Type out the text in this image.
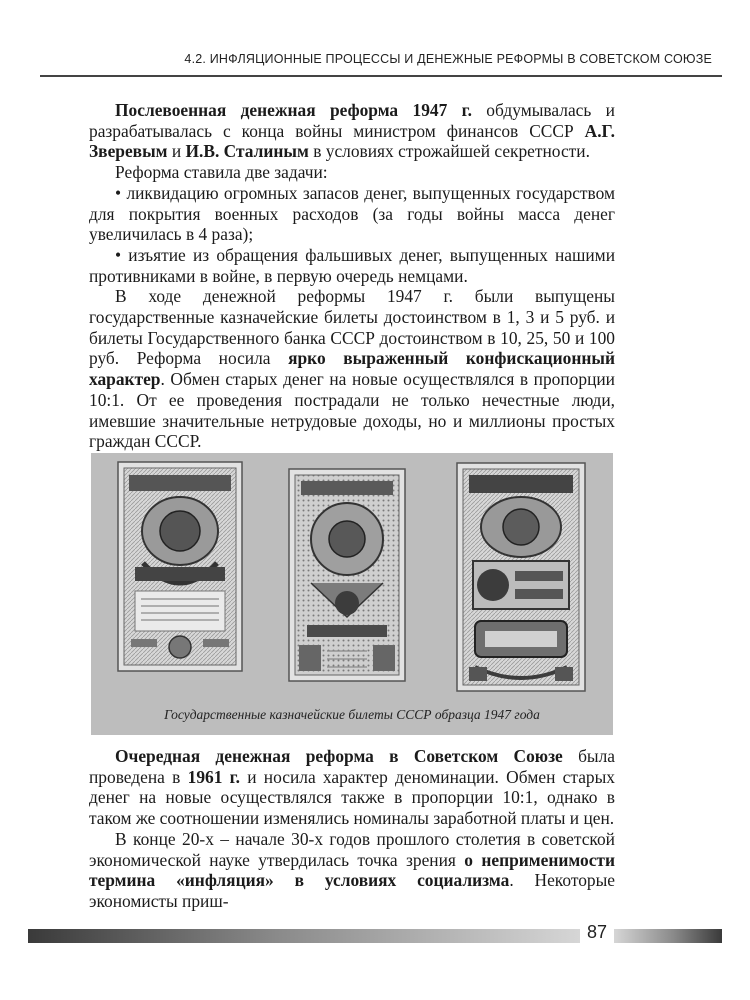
4.2. ИНФЛЯЦИОННЫЕ ПРОЦЕССЫ И ДЕНЕЖНЫЕ РЕФОРМЫ В СОВЕТСКОМ СОЮЗЕ

Послевоенная денежная реформа 1947 г. обдумывалась и разрабатывалась с конца войны министром финансов СССР А.Г. Зверевым и И.В. Сталиным в условиях строжайшей секретности.

Реформа ставила две задачи:

• ликвидацию огромных запасов денег, выпущенных государством для покрытия военных расходов (за годы войны масса денег увеличилась в 4 раза);

• изъятие из обращения фальшивых денег, выпущенных нашими противниками в войне, в первую очередь немцами.

В ходе денежной реформы 1947 г. были выпущены государственные казначейские билеты достоинством в 1, 3 и 5 руб. и билеты Государственного банка СССР достоинством в 10, 25, 50 и 100 руб. Реформа носила ярко выраженный конфискационный характер. Обмен старых денег на новые осуществлялся в пропорции 10:1. От ее проведения пострадали не только нечестные люди, имевшие значительные нетрудовые доходы, но и миллионы простых граждан СССР.

Государственные казначейские билеты СССР образца 1947 года

Очередная денежная реформа в Советском Союзе была проведена в 1961 г. и носила характер деноминации. Обмен старых денег на новые осуществлялся также в пропорции 10:1, однако в таком же соотношении изменялись номиналы заработной платы и цен.

В конце 20-х – начале 30-х годов прошлого столетия в советской экономической науке утвердилась точка зрения о неприменимости термина «инфляция» в условиях социализма. Некоторые экономисты приш-

87
